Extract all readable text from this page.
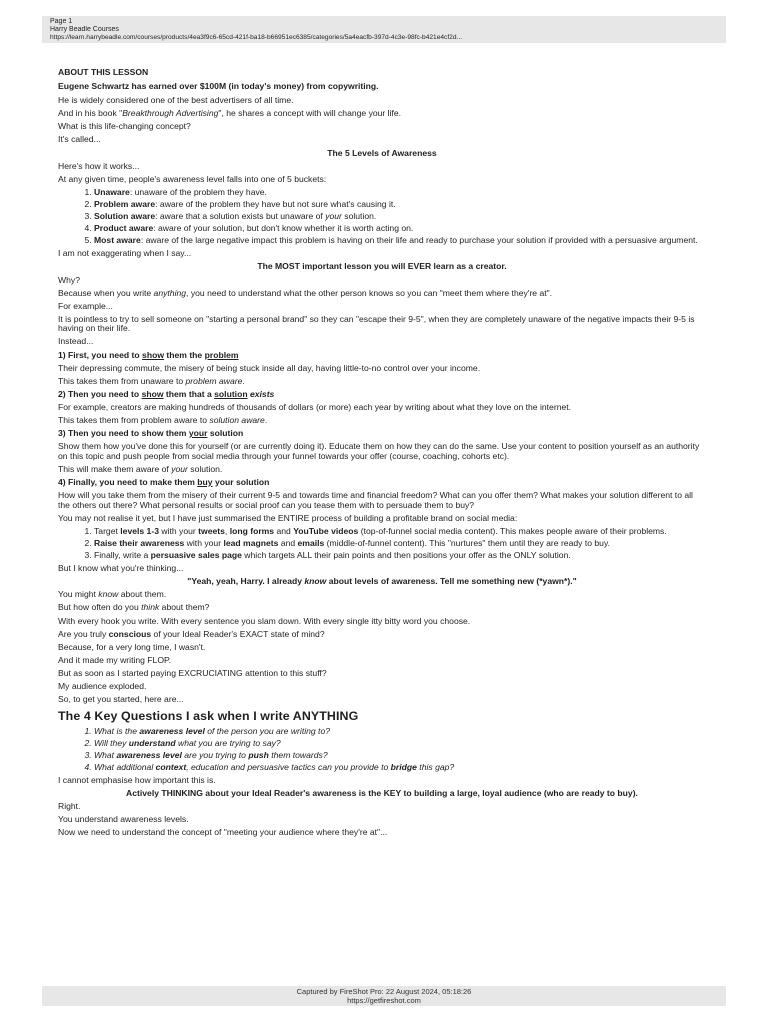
Page 1
Harry Beadle Courses
https://learn.harrybeadle.com/courses/products/4ea3f9c6-65cd-421f-ba18-b66951ec6385/categories/5a4eacfb-397d-4c3e-98fc-b421e4cf2d...

ABOUT THIS LESSON

Eugene Schwartz has earned over $100M (in today's money) from copywriting.

He is widely considered one of the best advertisers of all time.

And in his book "Breakthrough Advertising", he shares a concept with will change your life.

What is this life-changing concept?

It's called...

The 5 Levels of Awareness

Here's how it works...

At any given time, people's awareness level falls into one of 5 buckets:

1. Unaware: unaware of the problem they have.
2. Problem aware: aware of the problem they have but not sure what's causing it.
3. Solution aware: aware that a solution exists but unaware of your solution.
4. Product aware: aware of your solution, but don't know whether it is worth acting on.
5. Most aware: aware of the large negative impact this problem is having on their life and ready to purchase your solution if provided with a persuasive argument.

I am not exaggerating when I say...

The MOST important lesson you will EVER learn as a creator.

Why?

Because when you write anything, you need to understand what the other person knows so you can "meet them where they're at".

For example...

It is pointless to try to sell someone on "starting a personal brand" so they can "escape their 9-5", when they are completely unaware of the negative impacts their 9-5 is having on their life.

Instead...

1) First, you need to show them the problem

Their depressing commute, the misery of being stuck inside all day, having little-to-no control over your income.

This takes them from unaware to problem aware.

2) Then you need to show them that a solution exists

For example, creators are making hundreds of thousands of dollars (or more) each year by writing about what they love on the internet.

This takes them from problem aware to solution aware.

3) Then you need to show them your solution

Show them how you've done this for yourself (or are currently doing it). Educate them on how they can do the same. Use your content to position yourself as an authority on this topic and push people from social media through your funnel towards your offer (course, coaching, cohorts etc).

This will make them aware of your solution.

4) Finally, you need to make them buy your solution

How will you take them from the misery of their current 9-5 and towards time and financial freedom? What can you offer them? What makes your solution different to all the others out there? What personal results or social proof can you tease them with to persuade them to buy?

You may not realise it yet, but I have just summarised the ENTIRE process of building a profitable brand on social media:

1. Target levels 1-3 with your tweets, long forms and YouTube videos (top-of-funnel social media content). This makes people aware of their problems.
2. Raise their awareness with your lead magnets and emails (middle-of-funnel content). This "nurtures" them until they are ready to buy.
3. Finally, write a persuasive sales page which targets ALL their pain points and then positions your offer as the ONLY solution.

But I know what you're thinking...

"Yeah, yeah, Harry. I already know about levels of awareness. Tell me something new (*yawn*)."

You might know about them.

But how often do you think about them?

With every hook you write. With every sentence you slam down. With every single itty bitty word you choose.

Are you truly conscious of your Ideal Reader's EXACT state of mind?

Because, for a very long time, I wasn't.

And it made my writing FLOP.

But as soon as I started paying EXCRUCIATING attention to this stuff?

My audience exploded.

So, to get you started, here are...

The 4 Key Questions I ask when I write ANYTHING

1. What is the awareness level of the person you are writing to?
2. Will they understand what you are trying to say?
3. What awareness level are you trying to push them towards?
4. What additional context, education and persuasive tactics can you provide to bridge this gap?

I cannot emphasise how important this is.

Actively THINKING about your Ideal Reader's awareness is the KEY to building a large, loyal audience (who are ready to buy).

Right.

You understand awareness levels.

Now we need to understand the concept of "meeting your audience where they're at"...

Captured by FireShot Pro: 22 August 2024, 05:18:26
https://getfireshot.com
